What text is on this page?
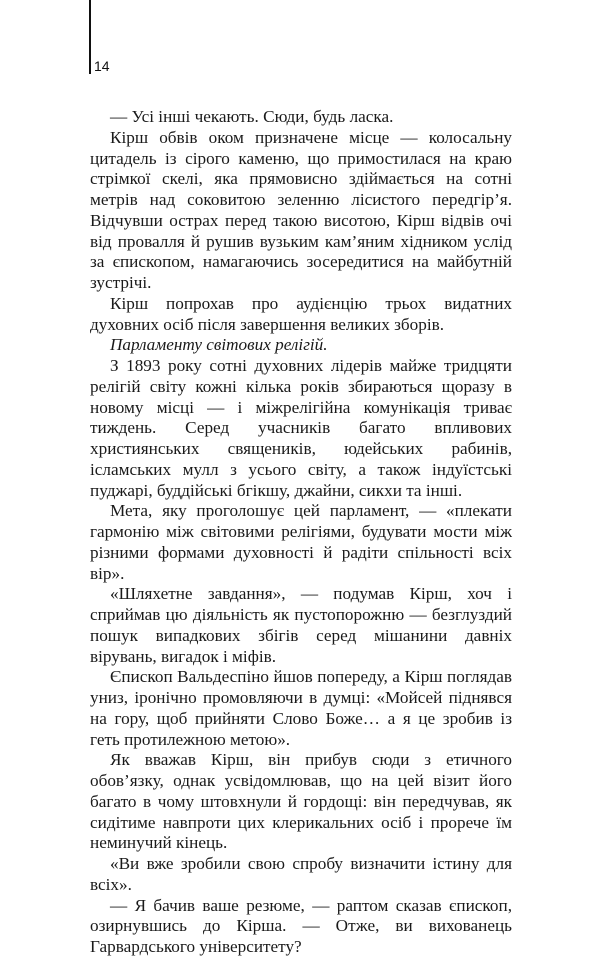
14

— Усі інші чекають. Сюди, будь ласка.

Кірш обвів оком призначене місце — колосальну цитадель із сірого каменю, що примостилася на краю стрімкої скелі, яка прямовисно здіймається на сотні метрів над соковитою зеленню лісистого передгір’я. Відчувши острах перед такою висотою, Кірш відвів очі від провалля й рушив вузьким кам’яним хідником услід за єпископом, намагаючись зосередитися на майбутній зустрічі.

Кірш попрохав про аудієнцію трьох видатних духовних осіб після завершення великих зборів.

Парламенту світових релігій.

З 1893 року сотні духовних лідерів майже тридцяти релігій світу кожні кілька років збираються щоразу в новому місці — і міжрелігійна комунікація триває тиждень. Серед учасників багато впливових християнських священиків, юдейських рабинів, ісламських мулл з усього світу, а також індуїстські пуджарі, буддійські бгікшу, джайни, сикхи та інші.

Мета, яку проголошує цей парламент, — «плекати гармонію між світовими релігіями, будувати мости між різними формами духовності й радіти спільності всіх вір».

«Шляхетне завдання», — подумав Кірш, хоч і сприймав цю діяльність як пустопорожню — безглуздий пошук випадкових збігів серед мішанини давніх вірувань, вигадок і міфів.

Єпископ Вальдеспіно йшов попереду, а Кірш поглядав униз, іронічно промовляючи в думці: «Мойсей піднявся на гору, щоб прийняти Слово Боже… а я це зробив із геть протилежною метою».

Як вважав Кірш, він прибув сюди з етичного обов’язку, однак усвідомлював, що на цей візит його багато в чому штовхнули й гордощі: він передчував, як сидітиме навпроти цих клерикальних осіб і прорече їм неминучий кінець.

«Ви вже зробили свою спробу визначити істину для всіх».

— Я бачив ваше резюме, — раптом сказав єпископ, озирнувшись до Кірша. — Отже, ви вихованець Гарвардського університету?
